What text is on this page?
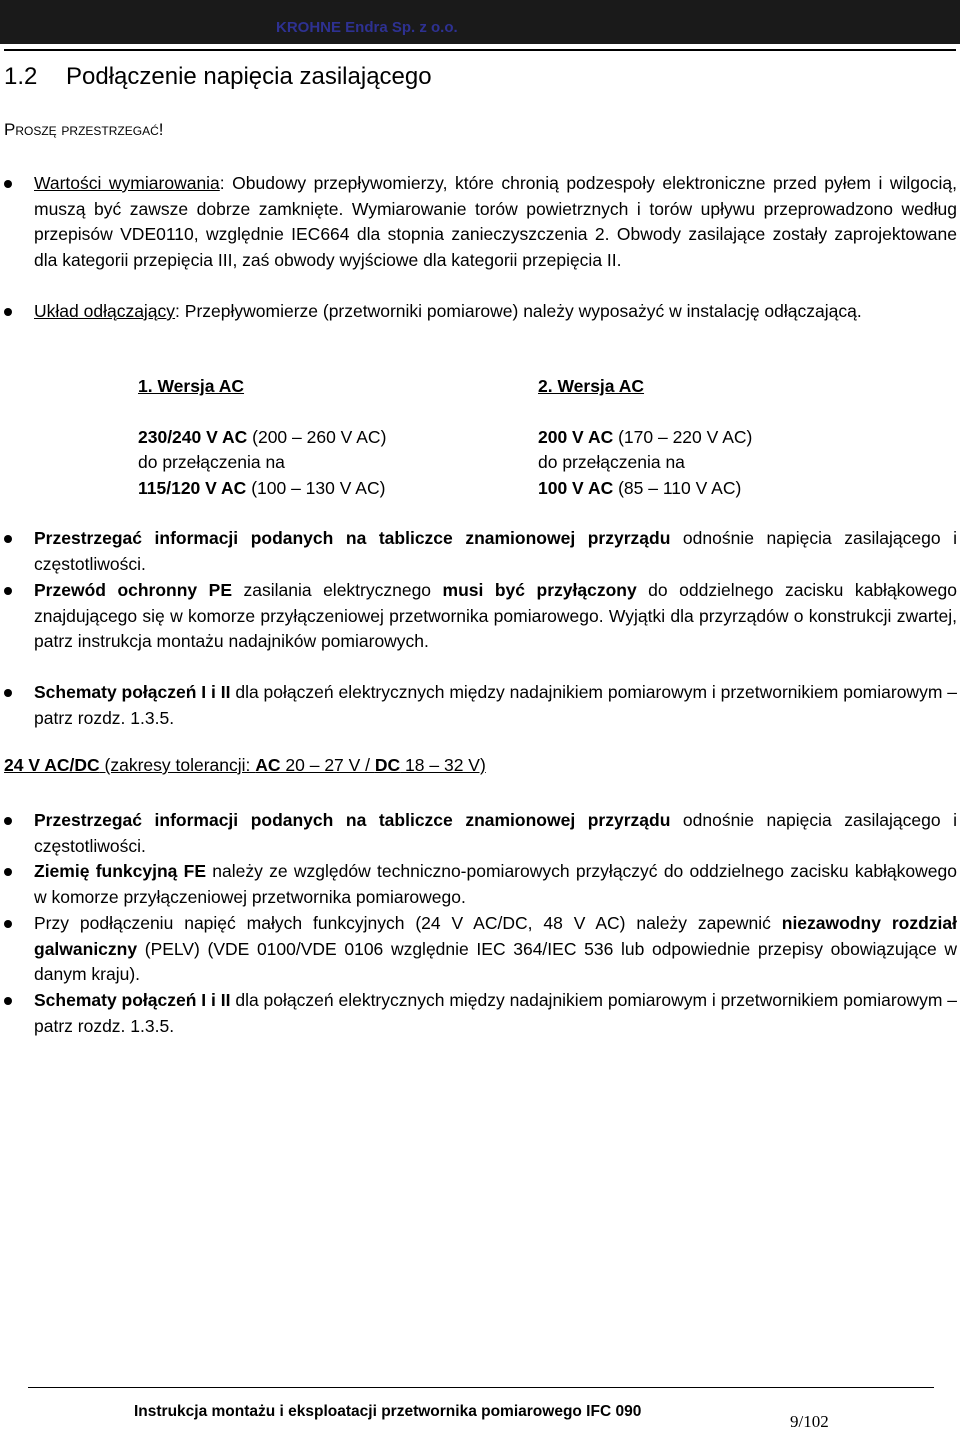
KROHNE Endra Sp. z o.o.
1.2 Podłączenie napięcia zasilającego
Proszę przestrzegać!
Wartości wymiarowania: Obudowy przepływomierzy, które chronią podzespoły elektroniczne przed pyłem i wilgocią, muszą być zawsze dobrze zamknięte. Wymiarowanie torów powietrznych i torów upływu przeprowadzono według przepisów VDE0110, względnie IEC664 dla stopnia zanieczyszczenia 2. Obwody zasilające zostały zaprojektowane dla kategorii przepięcia III, zaś obwody wyjściowe dla kategorii przepięcia II.
Układ odłączający: Przepływomierze (przetworniki pomiarowe) należy wyposażyć w instalację odłączającą.
1. Wersja AC
230/240 V AC (200 – 260 V AC)
do przełączenia na
115/120 V AC (100 – 130 V AC)
2. Wersja AC
200 V AC (170 – 220 V AC)
do przełączenia na
100 V AC (85 – 110 V AC)
Przestrzegać informacji podanych na tabliczce znamionowej przyrządu odnośnie napięcia zasilającego i częstotliwości.
Przewód ochronny PE zasilania elektrycznego musi być przyłączony do oddzielnego zacisku kabłąkowego znajdującego się w komorze przyłączeniowej przetwornika pomiarowego. Wyjątki dla przyrządów o konstrukcji zwartej, patrz instrukcja montażu nadajników pomiarowych.
Schematy połączeń I i II dla połączeń elektrycznych między nadajnikiem pomiarowym i przetwornikiem pomiarowym – patrz rozdz. 1.3.5.
24 V AC/DC (zakresy tolerancji: AC 20 – 27 V / DC 18 – 32 V)
Przestrzegać informacji podanych na tabliczce znamionowej przyrządu odnośnie napięcia zasilającego i częstotliwości.
Ziemię funkcyjną FE należy ze względów techniczno-pomiarowych przyłączyć do oddzielnego zacisku kabłąkowego w komorze przyłączeniowej przetwornika pomiarowego.
Przy podłączeniu napięć małych funkcyjnych (24 V AC/DC, 48 V AC) należy zapewnić niezawodny rozdział galwaniczny (PELV) (VDE 0100/VDE 0106 względnie IEC 364/IEC 536 lub odpowiednie przepisy obowiązujące w danym kraju).
Schematy połączeń I i II dla połączeń elektrycznych między nadajnikiem pomiarowym i przetwornikiem pomiarowym – patrz rozdz. 1.3.5.
Instrukcja montażu i eksploatacji przetwornika pomiarowego IFC 090
9/102
